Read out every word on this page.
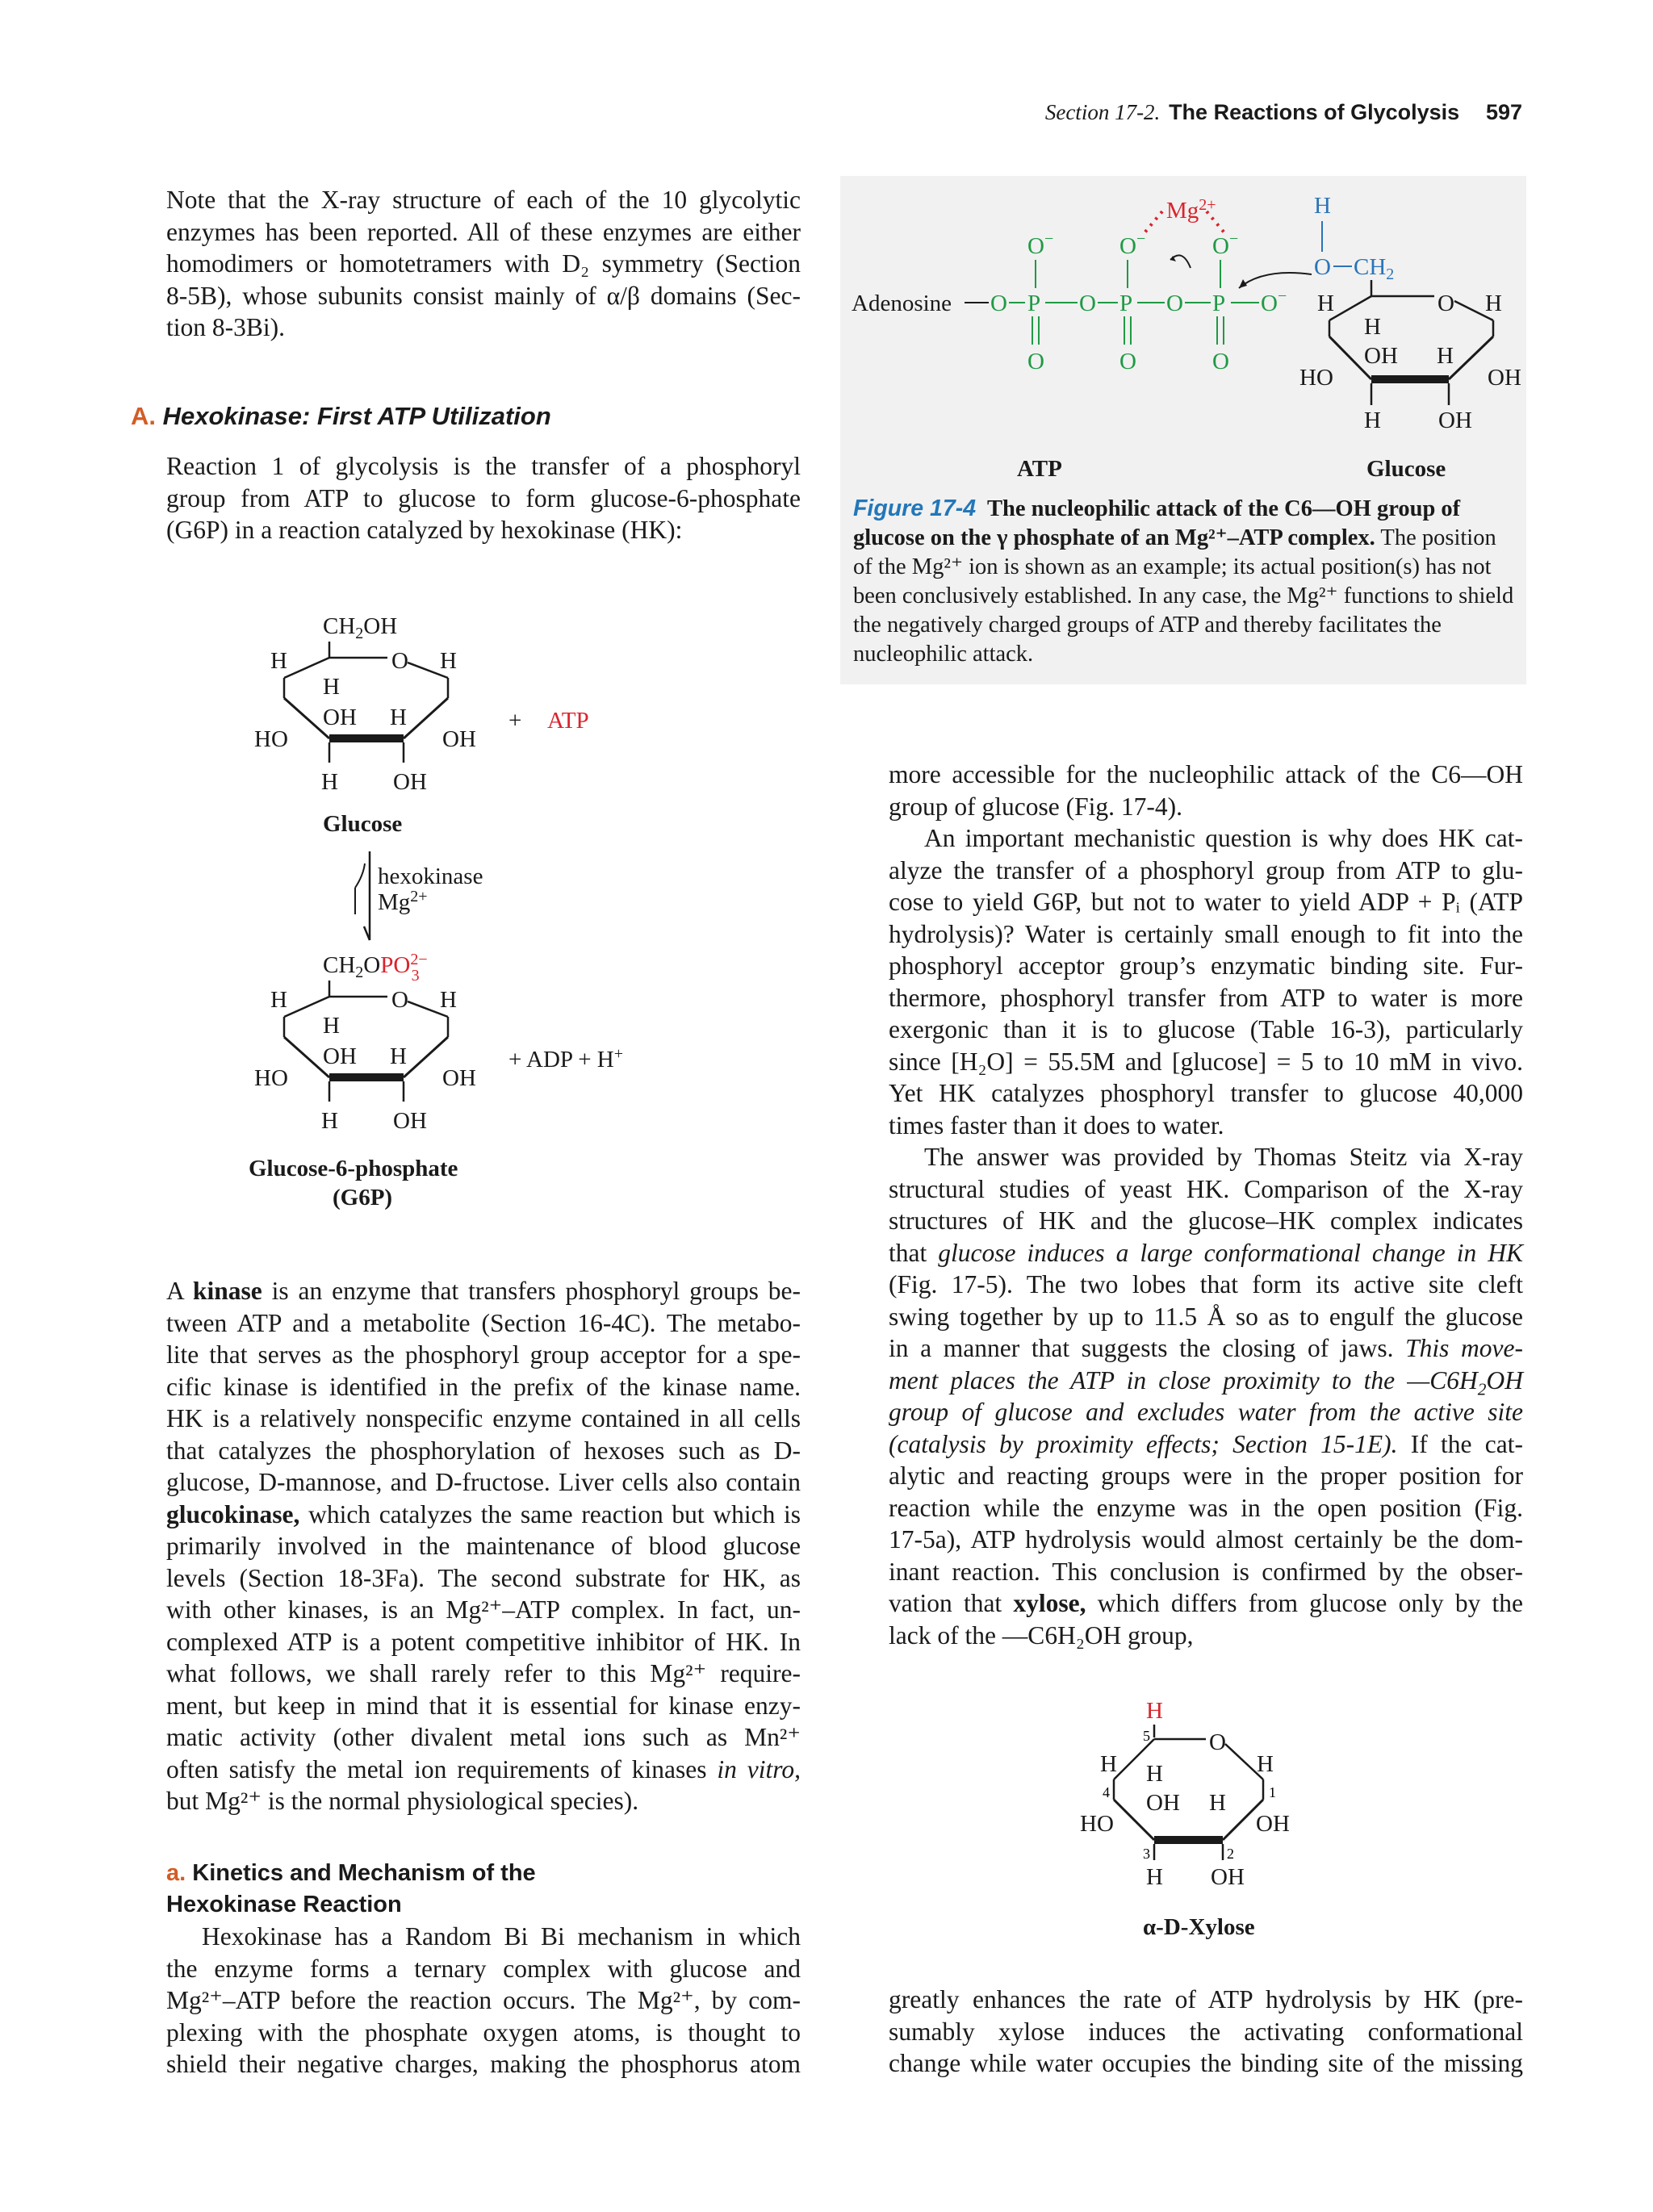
Section 17-2. The Reactions of Glycolysis 597

Note that the X-ray structure of each of the 10 glycolytic
enzymes has been reported. All of these enzymes are either
homodimers or homotetramers with D₂ symmetry (Section
8-5B), whose subunits consist mainly of α/β domains (Sec-
tion 8-3Bi).

A. Hexokinase: First ATP Utilization

Reaction 1 of glycolysis is the transfer of a phosphoryl
group from ATP to glucose to form glucose-6-phosphate
(G6P) in a reaction catalyzed by hexokinase (HK):

$CH_2OH$
H	O H
H
OH H
HO	OH
H OH
Glucose
+ ATP
hexokinase
$Mg^{2+}$
$CH_2OPO^{2-}$ 3
H	O H
H
OH H
HO	OH
H OH
+ ADP + H+
Glucose-6-phosphate
(G6P)

A kinase is an enzyme that transfers phosphoryl groups be-
tween ATP and a metabolite (Section 16-4C). The metabo-
lite that serves as the phosphoryl group acceptor for a spe-
cific kinase is identified in the prefix of the kinase name.
HK is a relatively nonspecific enzyme contained in all cells
that catalyzes the phosphorylation of hexoses such as D-
glucose, D-mannose, and D-fructose. Liver cells also contain
glucokinase, which catalyzes the same reaction but which is
primarily involved in the maintenance of blood glucose
levels (Section 18-3Fa). The second substrate for HK, as
with other kinases, is an Mg²⁺–ATP complex. In fact, un-
complexed ATP is a potent competitive inhibitor of HK. In
what follows, we shall rarely refer to this Mg²⁺ require-
ment, but keep in mind that it is essential for kinase enzy-
matic activity (other divalent metal ions such as Mn²⁺
often satisfy the metal ion requirements of kinases in vitro,
but Mg²⁺ is the normal physiological species).

a. Kinetics and Mechanism of the
Hexokinase Reaction

Hexokinase has a Random Bi Bi mechanism in which
the enzyme forms a ternary complex with glucose and
Mg²⁺–ATP before the reaction occurs. The Mg²⁺, by com-
plexing with the phosphate oxygen atoms, is thought to
shield their negative charges, making the phosphorus atom

$Mg^{2+}$
Adenosine O P O P O P O−
O−	O−	O−
O	O	O
H
O $CH_2$
H	O H
H
OH H
HO	OH
H OH
ATP	Glucose
Figure 17-4 The nucleophilic attack of the C6—OH group of glucose on the γ phosphate of an Mg²⁺–ATP complex. The position of the Mg²⁺ ion is shown as an example; its actual position(s) has not been conclusively established. In any case, the Mg²⁺ functions to shield the negatively charged groups of ATP and thereby facilitates the nucleophilic attack.

more accessible for the nucleophilic attack of the C6—OH
group of glucose (Fig. 17-4).

An important mechanistic question is why does HK cat-
alyze the transfer of a phosphoryl group from ATP to glu-
cose to yield G6P, but not to water to yield ADP + Pᵢ (ATP
hydrolysis)? Water is certainly small enough to fit into the
phosphoryl acceptor group’s enzymatic binding site. Fur-
thermore, phosphoryl transfer from ATP to water is more
exergonic than it is to glucose (Table 16-3), particularly
since [H₂O] = 55.5M and [glucose] = 5 to 10 mM in vivo.
Yet HK catalyzes phosphoryl transfer to glucose 40,000
times faster than it does to water.

The answer was provided by Thomas Steitz via X-ray
structural studies of yeast HK. Comparison of the X-ray
structures of HK and the glucose–HK complex indicates
that glucose induces a large conformational change in HK
(Fig. 17-5). The two lobes that form its active site cleft
swing together by up to 11.5 Å so as to engulf the glucose
in a manner that suggests the closing of jaws. This move-
ment places the ATP in close proximity to the $—C6H_2OH$
group of glucose and excludes water from the active site
(catalysis by proximity effects; Section 15-1E). If the cat-
alytic and reacting groups were in the proper position for
reaction while the enzyme was in the open position (Fig.
17-5a), ATP hydrolysis would almost certainly be the dom-
inant reaction. This conclusion is confirmed by the obser-
vation that xylose, which differs from glucose only by the
lack of the —C6H₂OH group,

H
5	O
H	H
H
4	1
OH H
HO	OH
3	2
H OH
α-D-Xylose

greatly enhances the rate of ATP hydrolysis by HK (pre-
sumably xylose induces the activating conformational
change while water occupies the binding site of the missing
